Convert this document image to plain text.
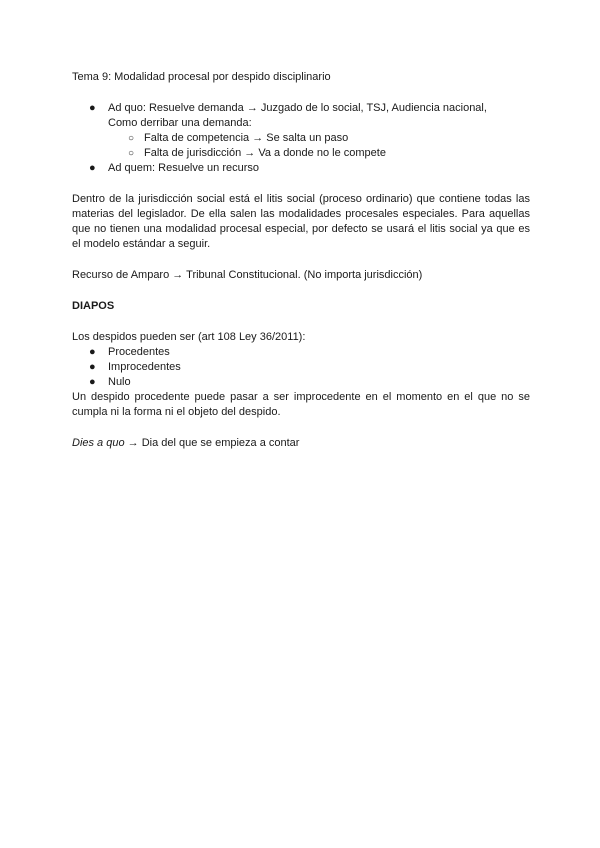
Tema 9: Modalidad procesal por despido disciplinario

● Ad quo: Resuelve demanda → Juzgado de lo social, TSJ, Audiencia nacional,
Como derribar una demanda:
○ Falta de competencia → Se salta un paso
○ Falta de jurisdicción → Va a donde no le compete
● Ad quem: Resuelve un recurso

Dentro de la jurisdicción social está el litis social (proceso ordinario) que contiene todas las materias del legislador. De ella salen las modalidades procesales especiales. Para aquellas que no tienen una modalidad procesal especial, por defecto se usará el litis social ya que es el modelo estándar a seguir.

Recurso de Amparo → Tribunal Constitucional. (No importa jurisdicción)

DIAPOS

Los despidos pueden ser (art 108 Ley 36/2011):

● Procedentes
● Improcedentes
● Nulo

Un despido procedente puede pasar a ser improcedente en el momento en el que no se cumpla ni la forma ni el objeto del despido.

Dies a quo → Dia del que se empieza a contar
